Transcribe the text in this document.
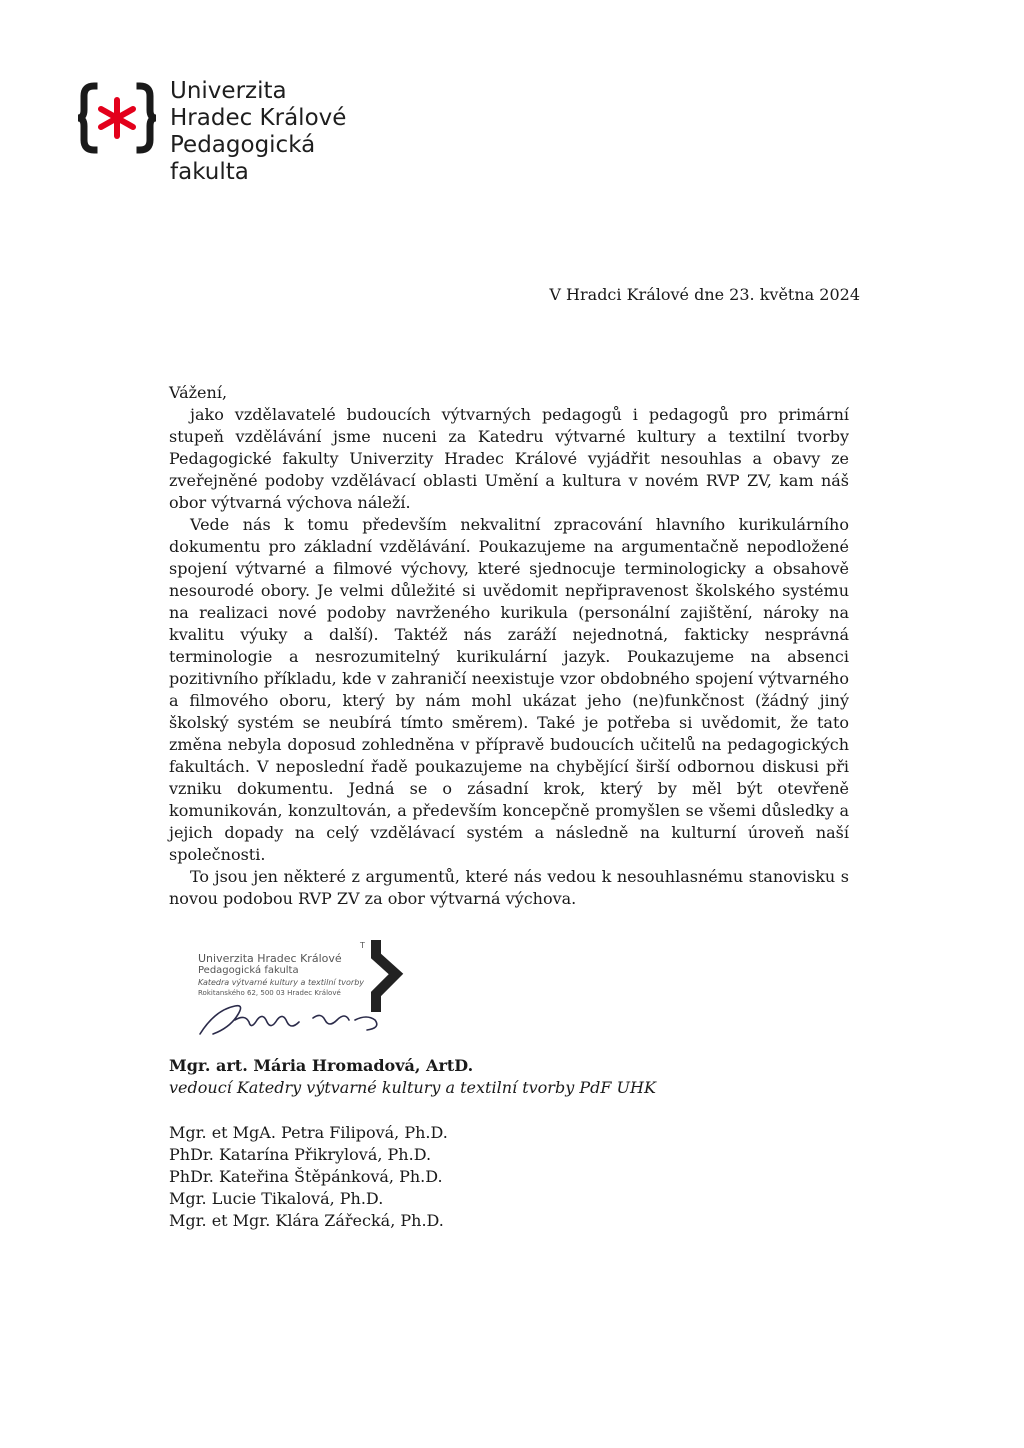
Univerzita
Hradec Králové
Pedagogická
fakulta
V Hradci Králové dne 23. května 2024

Vážení,

jako vzdělavatelé budoucích výtvarných pedagogů i pedagogů pro primární stupeň vzdělávání jsme nuceni za Katedru výtvarné kultury a textilní tvorby Pedagogické fakulty Univerzity Hradec Králové vyjádřit nesouhlas a obavy ze zveřejněné podoby vzdělávací oblasti Umění a kultura v novém RVP ZV, kam náš obor výtvarná výchova náleží.

Vede nás k tomu především nekvalitní zpracování hlavního kurikulárního dokumentu pro základní vzdělávání. Poukazujeme na argumentačně nepodložené spojení výtvarné a filmové výchovy, které sjednocuje terminologicky a obsahově nesourodé obory. Je velmi důležité si uvědomit nepřipravenost školského systému na realizaci nové podoby navrženého kurikula (personální zajištění, nároky na kvalitu výuky a další). Taktéž nás zaráží nejednotná, fakticky nesprávná terminologie a nesrozumitelný kurikulární jazyk. Poukazujeme na absenci pozitivního příkladu, kde v zahraničí neexistuje vzor obdobného spojení výtvarného a filmového oboru, který by nám mohl ukázat jeho (ne)funkčnost (žádný jiný školský systém se neubírá tímto směrem). Také je potřeba si uvědomit, že tato změna nebyla doposud zohledněna v přípravě budoucích učitelů na pedagogických fakultách. V neposlední řadě poukazujeme na chybějící širší odbornou diskusi při vzniku dokumentu. Jedná se o zásadní krok, který by měl být otevřeně komunikován, konzultován, a především koncepčně promyšlen se všemi důsledky a jejich dopady na celý vzdělávací systém a následně na kulturní úroveň naší společnosti.

To jsou jen některé z argumentů, které nás vedou k nesouhlasnému stanovisku s novou podobou RVP ZV za obor výtvarná výchova.

Univerzita Hradec Králové
Pedagogická fakulta
Katedra výtvarné kultury a textilní tvorby
Rokitanského 62, 500 03 Hradec Králové
T
Mgr. art. Mária Hromadová, ArtD.
vedoucí Katedry výtvarné kultury a textilní tvorby PdF UHK
Mgr. et MgA. Petra Filipová, Ph.D.
PhDr. Katarína Přikrylová, Ph.D.
PhDr. Kateřina Štěpánková, Ph.D.
Mgr. Lucie Tikalová, Ph.D.
Mgr. et Mgr. Klára Zářecká, Ph.D.
